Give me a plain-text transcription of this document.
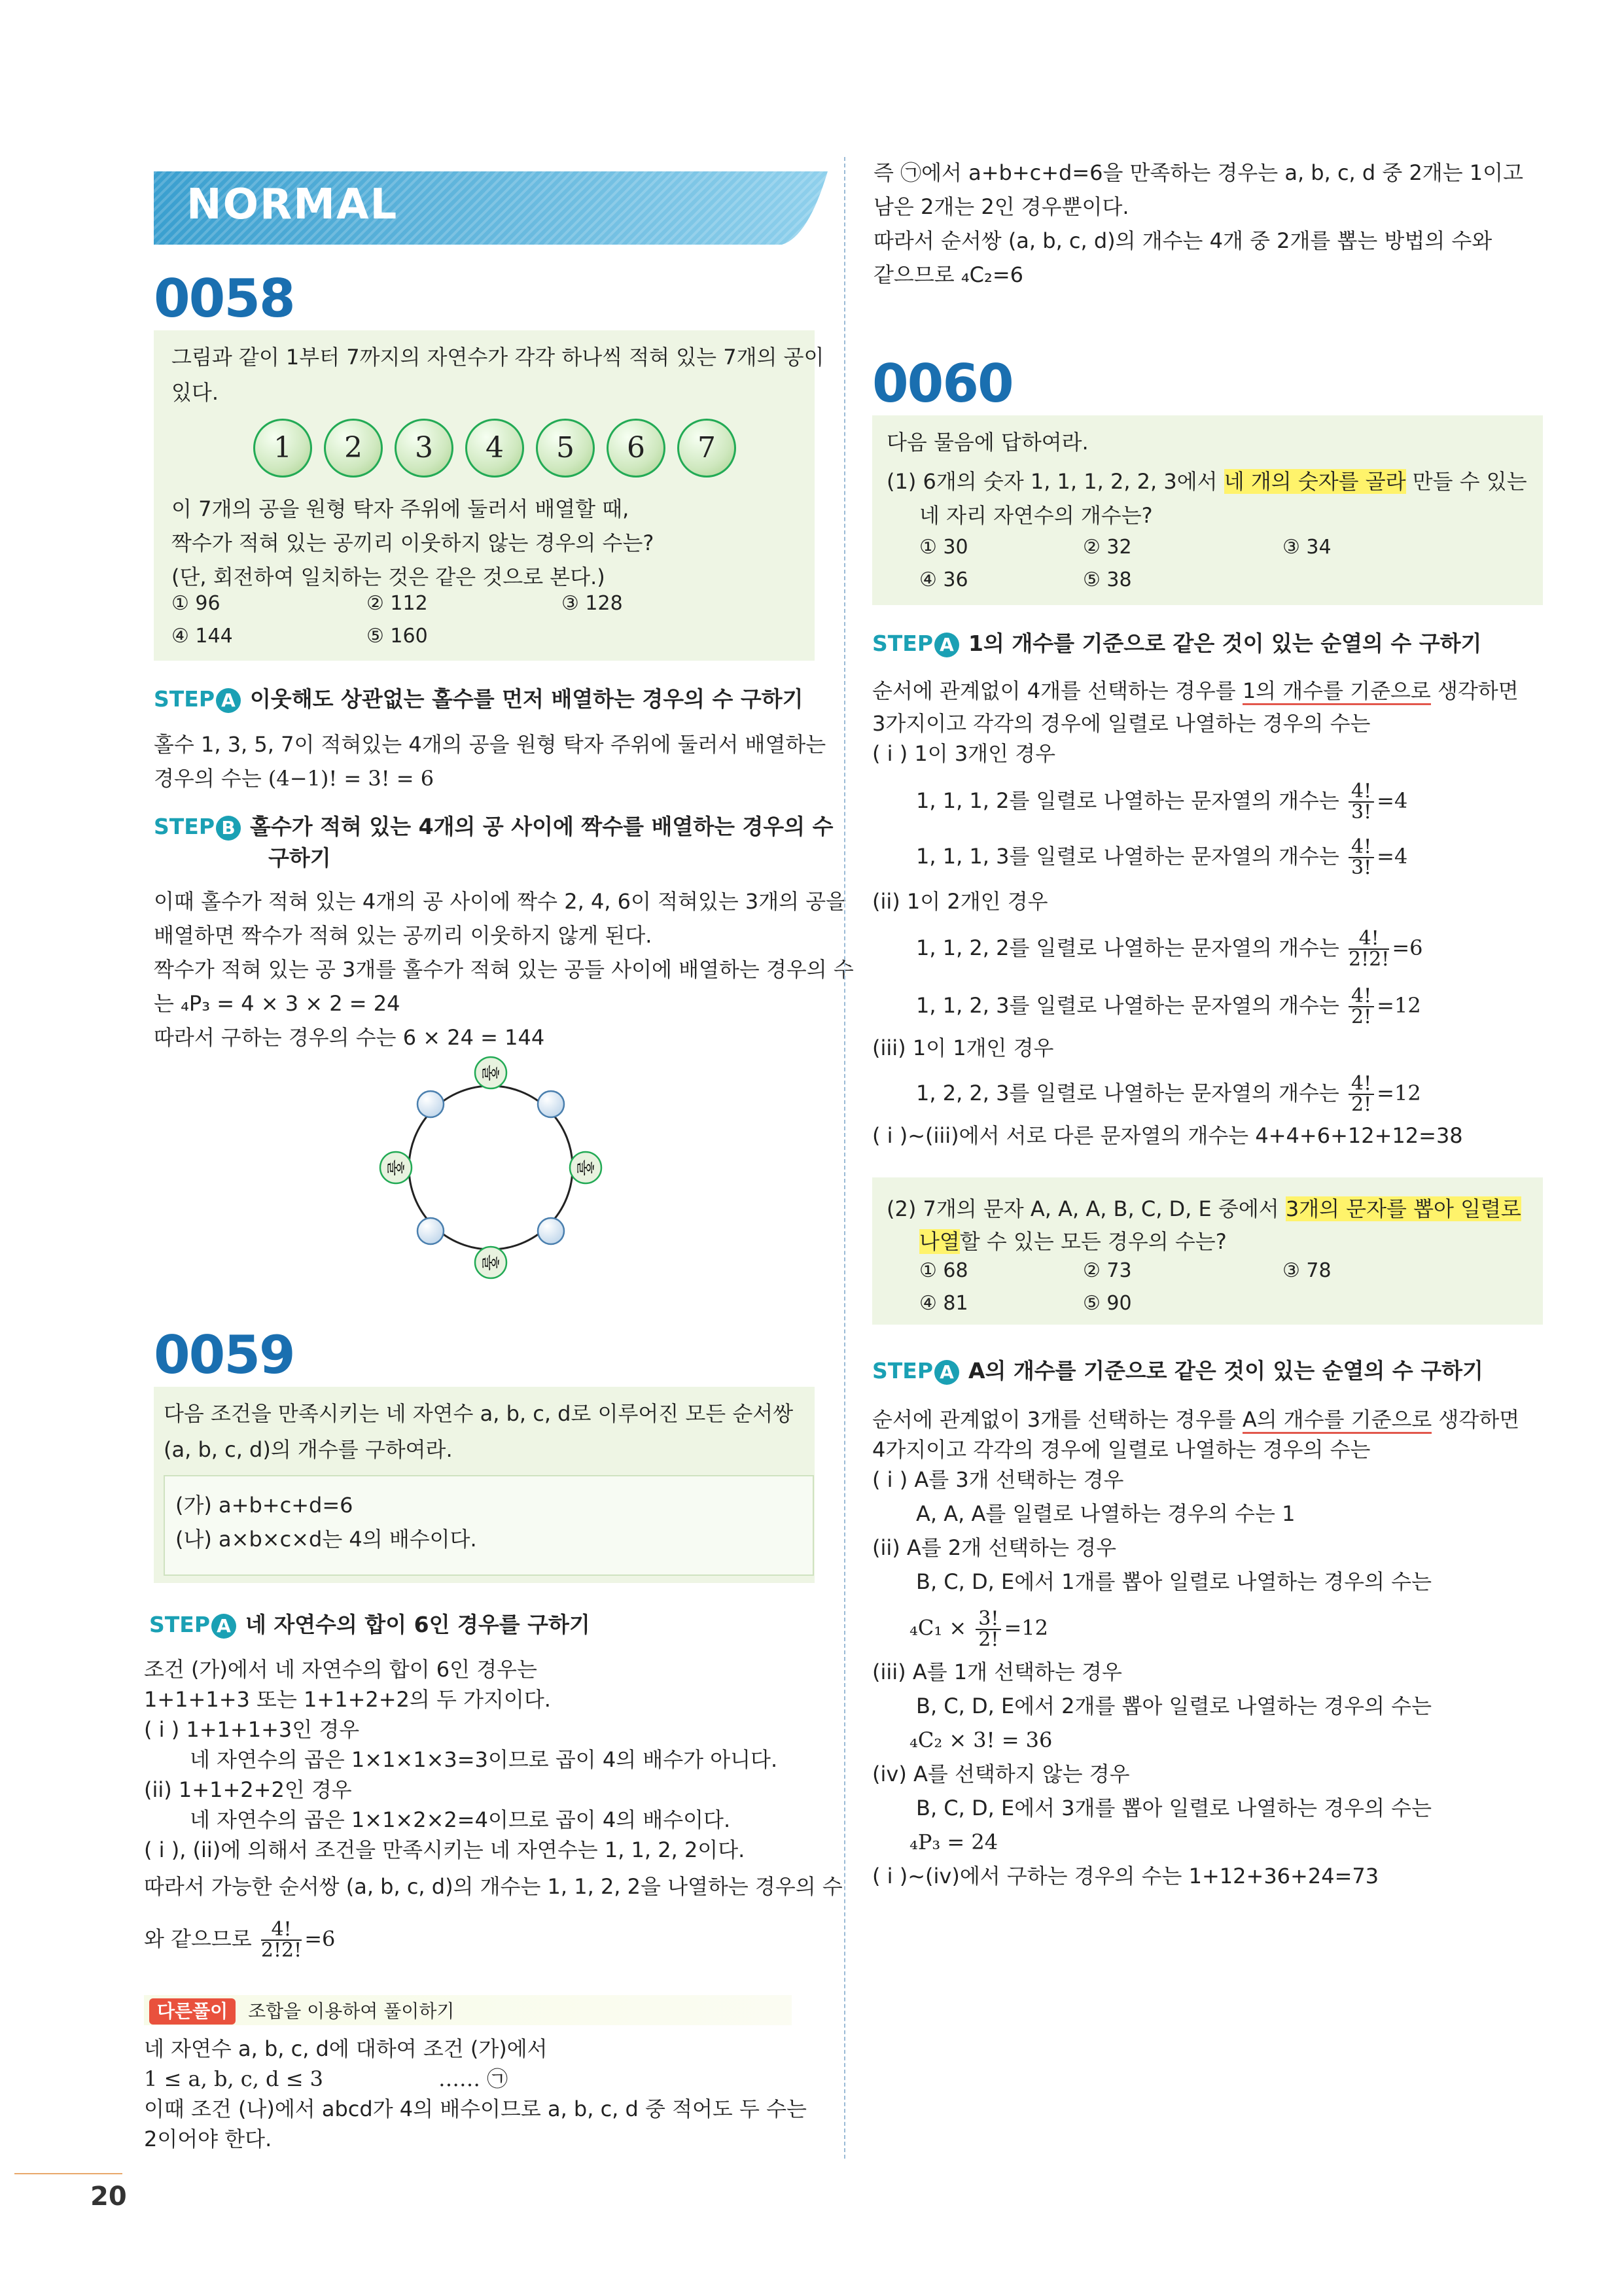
NORMAL
0058
그림과 같이 1부터 7까지의 자연수가 각각 하나씩 적혀 있는 7개의 공이
있다.
1	2	3	4	5	6	7
이 7개의 공을 원형 탁자 주위에 둘러서 배열할 때,
짝수가 적혀 있는 공끼리 이웃하지 않는 경우의 수는?
(단, 회전하여 일치하는 것은 같은 것으로 본다.)
① 96	② 112	③ 128
④ 144	⑤ 160
STEP A 이웃해도 상관없는 홀수를 먼저 배열하는 경우의 수 구하기
홀수 1, 3, 5, 7이 적혀있는 4개의 공을 원형 탁자 주위에 둘러서 배열하는
경우의 수는 (4−1)! = 3! = 6
STEP B 홀수가 적혀 있는 4개의 공 사이에 짝수를 배열하는 경우의 수
구하기
이때 홀수가 적혀 있는 4개의 공 사이에 짝수 2, 4, 6이 적혀있는 3개의 공을
배열하면 짝수가 적혀 있는 공끼리 이웃하지 않게 된다.
짝수가 적혀 있는 공 3개를 홀수가 적혀 있는 공들 사이에 배열하는 경우의 수
는 ₄P₃ = 4 × 3 × 2 = 24
따라서 구하는 경우의 수는 6 × 24 = 144
홀
홀
홀	홀
0059
다음 조건을 만족시키는 네 자연수 a, b, c, d로 이루어진 모든 순서쌍
(a, b, c, d)의 개수를 구하여라.
(가) a+b+c+d=6
(나) a×b×c×d는 4의 배수이다.
STEP A 네 자연수의 합이 6인 경우를 구하기
조건 (가)에서 네 자연수의 합이 6인 경우는
1+1+1+3 또는 1+1+2+2의 두 가지이다.
( i ) 1+1+1+3인 경우
네 자연수의 곱은 1×1×1×3=3이므로 곱이 4의 배수가 아니다.
(ii) 1+1+2+2인 경우
네 자연수의 곱은 1×1×2×2=4이므로 곱이 4의 배수이다.
( i ), (ii)에 의해서 조건을 만족시키는 네 자연수는 1, 1, 2, 2이다.
따라서 가능한 순서쌍 (a, b, c, d)의 개수는 1, 1, 2, 2을 나열하는 경우의 수
와 같으므로 $\frac{4!}{2!2!} =6$
다른풀이 조합을 이용하여 풀이하기
네 자연수 a, b, c, d에 대하여 조건 (가)에서
1 ≤ a, b, c, d ≤ 3	…… ㉠
이때 조건 (나)에서 abcd가 4의 배수이므로 a, b, c, d 중 적어도 두 수는
2이어야 한다.
20
즉 ㉠에서 a+b+c+d=6을 만족하는 경우는 a, b, c, d 중 2개는 1이고
남은 2개는 2인 경우뿐이다.
따라서 순서쌍 (a, b, c, d)의 개수는 4개 중 2개를 뽑는 방법의 수와
같으므로 ₄C₂=6
0060
다음 물음에 답하여라.
(1) 6개의 숫자 1, 1, 1, 2, 2, 3에서 네 개의 숫자를 골라 만들 수 있는
네 자리 자연수의 개수는?
① 30	② 32	③ 34
④ 36	⑤ 38
STEP A 1의 개수를 기준으로 같은 것이 있는 순열의 수 구하기
순서에 관계없이 4개를 선택하는 경우를 1의 개수를 기준으로 생각하면
3가지이고 각각의 경우에 일렬로 나열하는 경우의 수는
( i ) 1이 3개인 경우
1, 1, 1, 2를 일렬로 나열하는 문자열의 개수는 $\frac{4!}{3!} =4$
1, 1, 1, 3를 일렬로 나열하는 문자열의 개수는 $\frac{4!}{3!} =4$
(ii) 1이 2개인 경우
1, 1, 2, 2를 일렬로 나열하는 문자열의 개수는 $\frac{4!}{2!2!} =6$
1, 1, 2, 3를 일렬로 나열하는 문자열의 개수는 $\frac{4!}{2!} =12$
(iii) 1이 1개인 경우
1, 2, 2, 3를 일렬로 나열하는 문자열의 개수는 $\frac{4!}{2!} =12$
( i )~(iii)에서 서로 다른 문자열의 개수는 4+4+6+12+12=38
(2) 7개의 문자 A, A, A, B, C, D, E 중에서 3개의 문자를 뽑아 일렬로
나열할 수 있는 모든 경우의 수는?
① 68	② 73	③ 78
④ 81	⑤ 90
STEP A A의 개수를 기준으로 같은 것이 있는 순열의 수 구하기
순서에 관계없이 3개를 선택하는 경우를 A의 개수를 기준으로 생각하면
4가지이고 각각의 경우에 일렬로 나열하는 경우의 수는
( i ) A를 3개 선택하는 경우
A, A, A를 일렬로 나열하는 경우의 수는 1
(ii) A를 2개 선택하는 경우
B, C, D, E에서 1개를 뽑아 일렬로 나열하는 경우의 수는
$_4C_1 \times \frac{3!}{2!} =12$
(iii) A를 1개 선택하는 경우
B, C, D, E에서 2개를 뽑아 일렬로 나열하는 경우의 수는
₄C₂ × 3! = 36
(iv) A를 선택하지 않는 경우
B, C, D, E에서 3개를 뽑아 일렬로 나열하는 경우의 수는
₄P₃ = 24
( i )~(iv)에서 구하는 경우의 수는 1+12+36+24=73
